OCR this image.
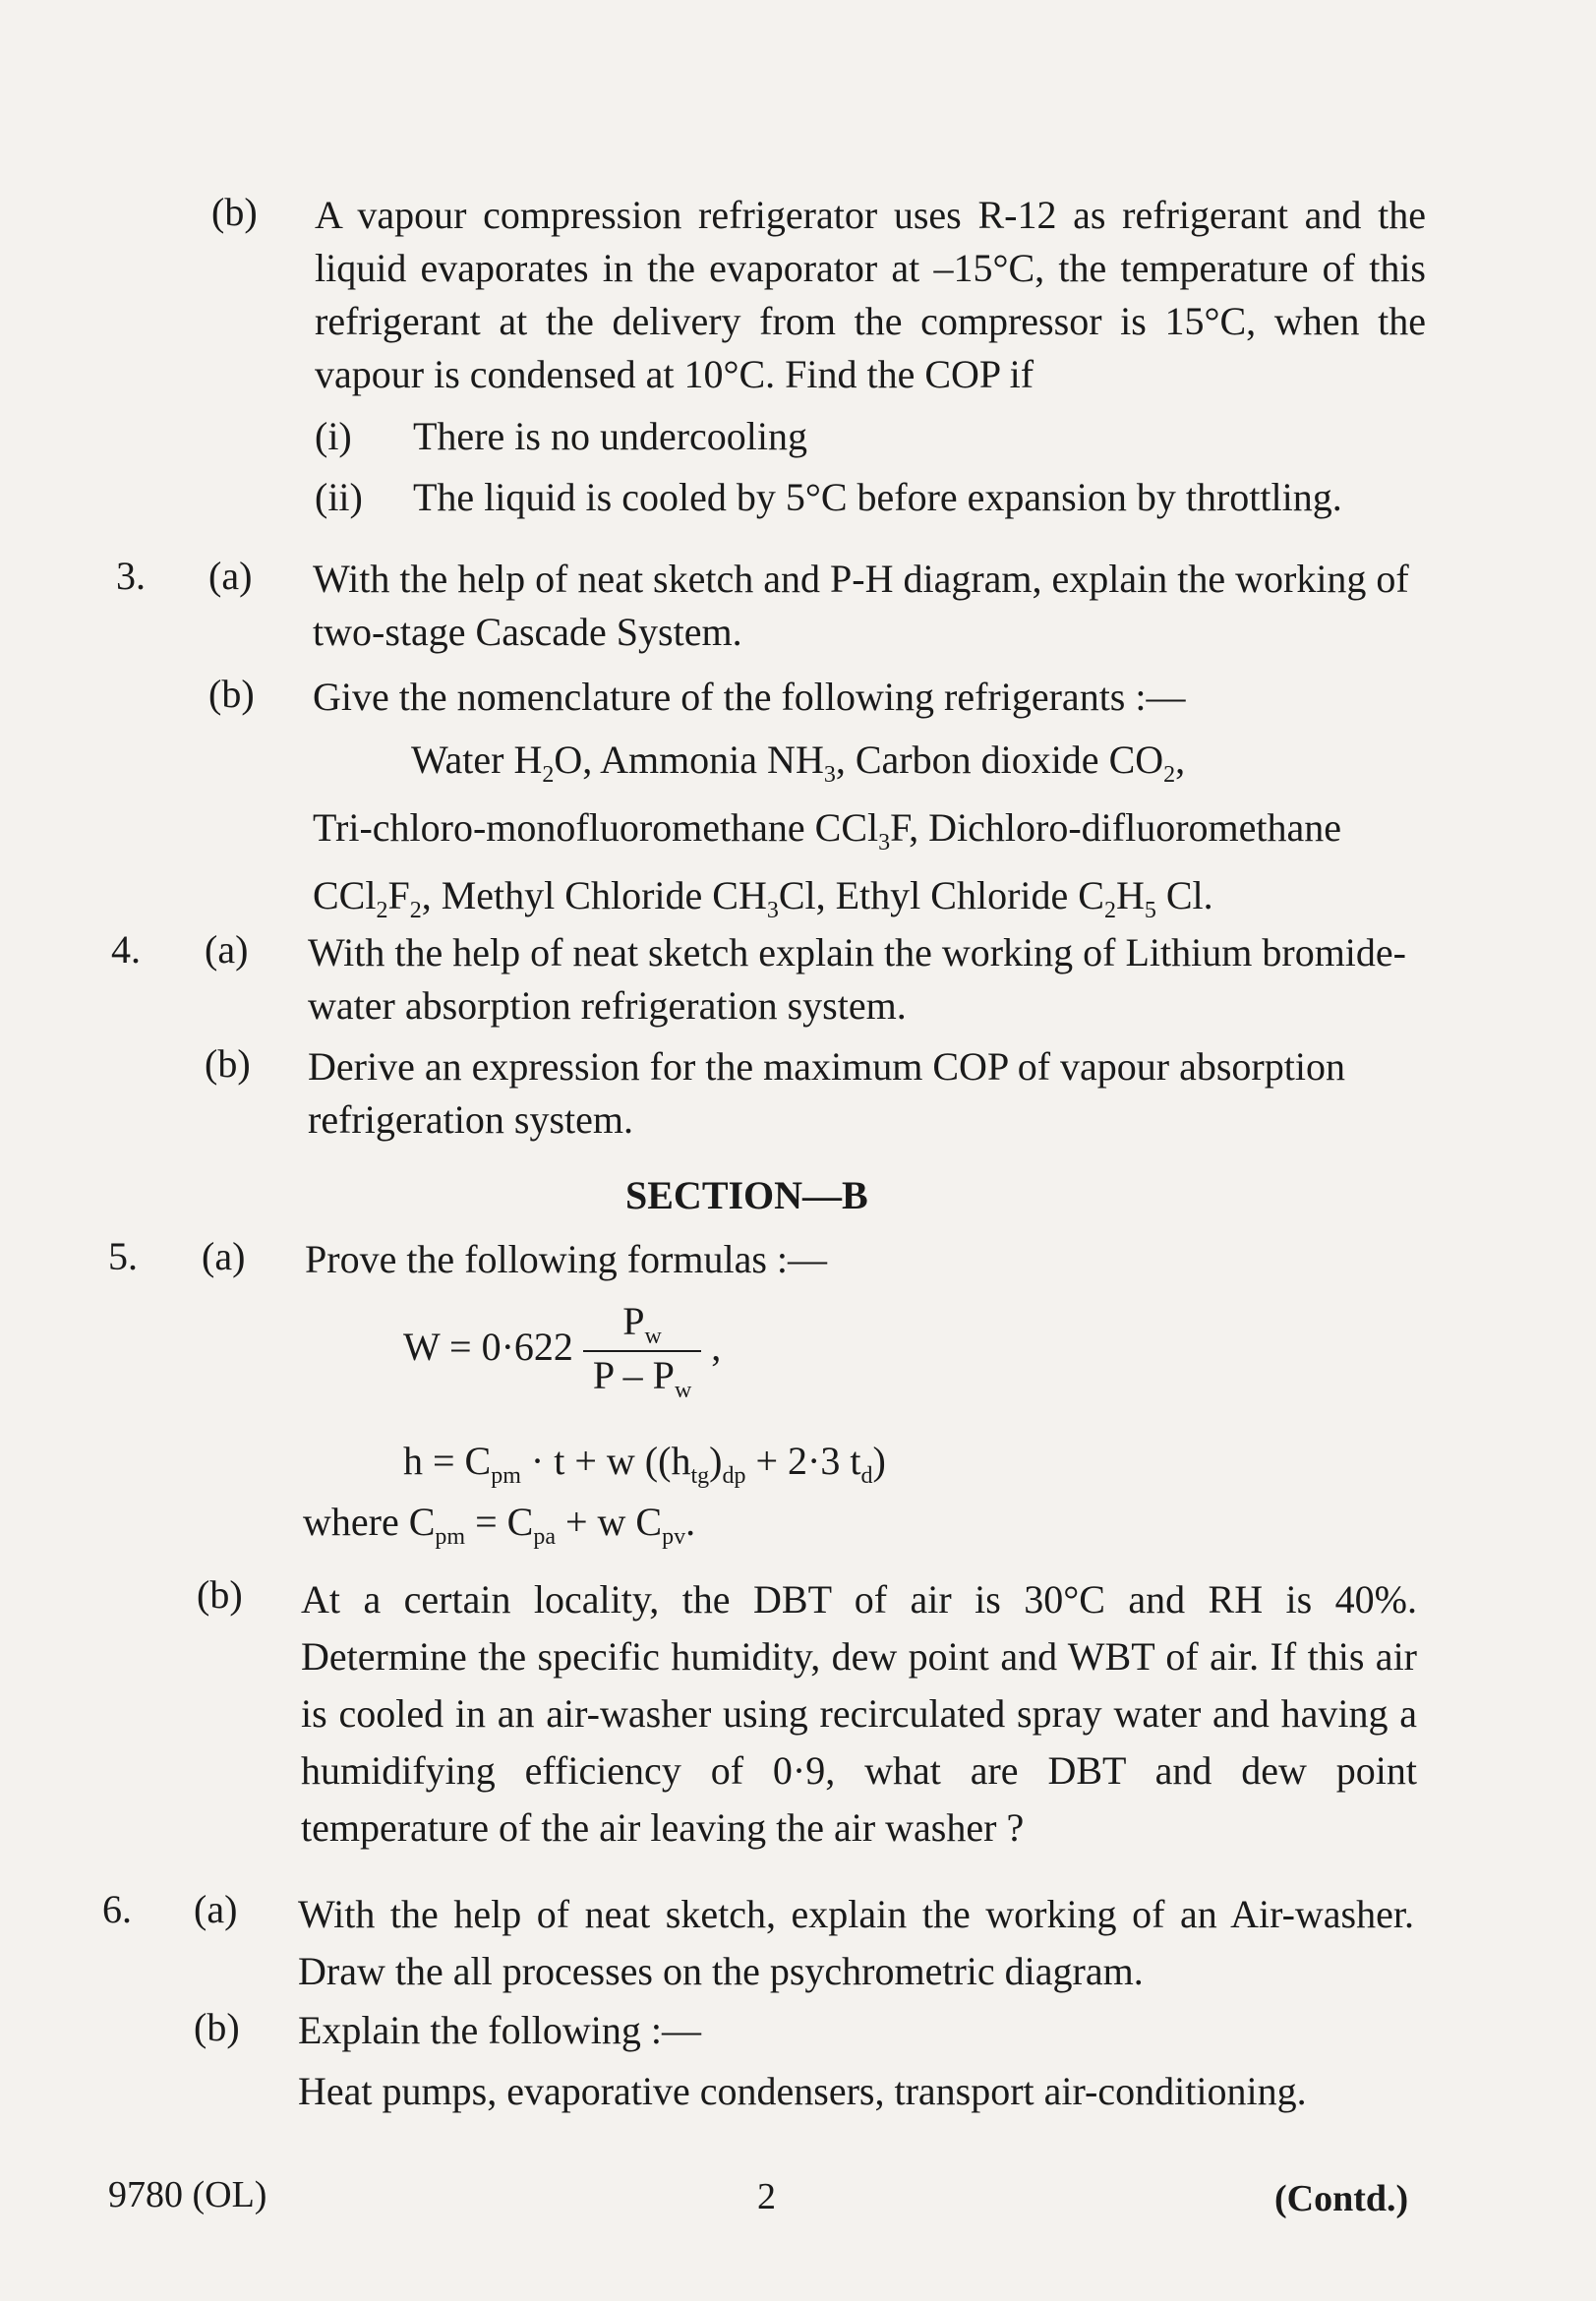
(b) A vapour compression refrigerator uses R-12 as refrigerant and the liquid evaporates in the evaporator at –15°C, the temperature of this refrigerant at the delivery from the compressor is 15°C, when the vapour is condensed at 10°C. Find the COP if
(i) There is no undercooling
(ii) The liquid is cooled by 5°C before expansion by throttling.
3. (a) With the help of neat sketch and P-H diagram, explain the working of two-stage Cascade System.
(b) Give the nomenclature of the following refrigerants :—
Water $H_2O$, Ammonia $NH_3$, Carbon dioxide $CO_2$,
Tri-chloro-monofluoromethane CCl$_3$F, Dichloro-difluoromethane
$CCl_2F_2$, Methyl Chloride $CH_3Cl$, Ethyl Chloride $C_2H_5$ Cl.
4. (a) With the help of neat sketch explain the working of Lithium bromide-water absorption refrigeration system.
(b) Derive an expression for the maximum COP of vapour absorption refrigeration system.
SECTION—B
5. (a) Prove the following formulas :—
$W = 0\cdot 622 \frac{P_w}{P - P_w}$ ,
$h = C_{pm} \cdot t + w$ ($(h_{tg})_{dp} + 2\cdot 3$ $t_d$)
where $C_{pm} = C_{pa} + w$ $C_{pv}$.
(b) At a certain locality, the DBT of air is 30°C and RH is 40%. Determine the specific humidity, dew point and WBT of air. If this air is cooled in an air-washer using recirculated spray water and having a humidifying efficiency of 0·9, what are DBT and dew point temperature of the air leaving the air washer ?
6. (a) With the help of neat sketch, explain the working of an Air-washer. Draw the all processes on the psychrometric diagram.
(b) Explain the following :—
Heat pumps, evaporative condensers, transport air-conditioning.
9780 (OL)	2	(Contd.)
